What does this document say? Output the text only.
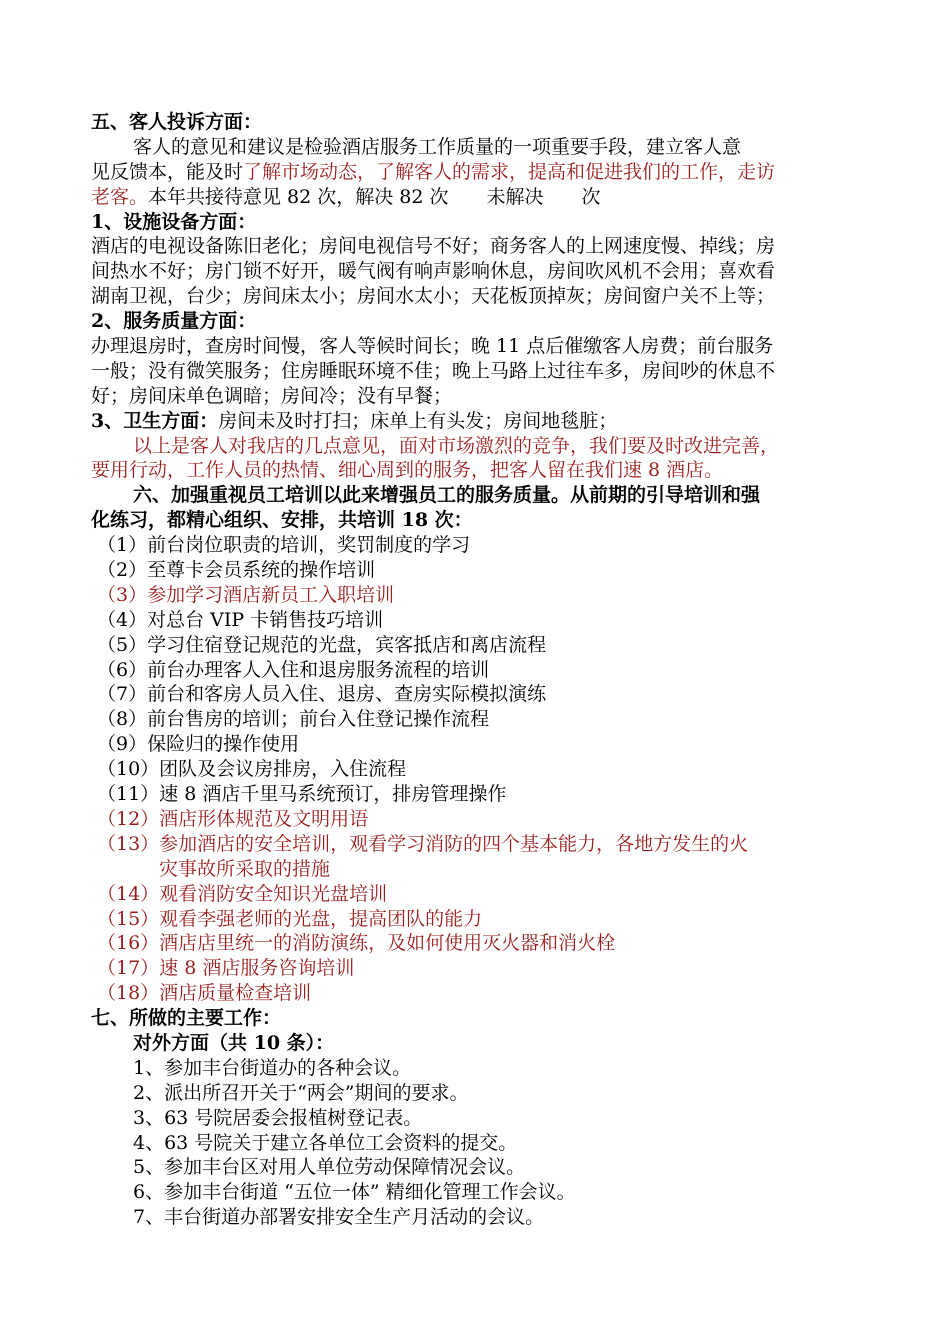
五、客人投诉方面：
客人的意见和建议是检验酒店服务工作质量的一项重要手段，建立客人意
见反馈本，能及时了解市场动态，了解客人的需求，提高和促进我们的工作，走访
老客。本年共接待意见 82 次，解决 82 次　　未解决　　次
1、设施设备方面：
酒店的电视设备陈旧老化；房间电视信号不好；商务客人的上网速度慢、掉线；房
间热水不好；房门锁不好开，暖气阀有响声影响休息，房间吹风机不会用；喜欢看
湖南卫视，台少；房间床太小；房间水太小；天花板顶掉灰；房间窗户关不上等；
2、服务质量方面：
办理退房时，查房时间慢，客人等候时间长；晚 11 点后催缴客人房费；前台服务
一般；没有微笑服务；住房睡眠环境不佳；晚上马路上过往车多，房间吵的休息不
好；房间床单色调暗；房间冷；没有早餐；
3、卫生方面：房间未及时打扫；床单上有头发；房间地毯脏；
以上是客人对我店的几点意见，面对市场激烈的竞争，我们要及时改进完善，
要用行动，工作人员的热情、细心周到的服务，把客人留在我们速 8 酒店。
六、加强重视员工培训以此来增强员工的服务质量。从前期的引导培训和强
化练习，都精心组织、安排，共培训 18 次：
（1）前台岗位职责的培训，奖罚制度的学习
（2）至尊卡会员系统的操作培训
（3）参加学习酒店新员工入职培训
（4）对总台 VIP 卡销售技巧培训
（5）学习住宿登记规范的光盘，宾客抵店和离店流程
（6）前台办理客人入住和退房服务流程的培训
（7）前台和客房人员入住、退房、查房实际模拟演练
（8）前台售房的培训；前台入住登记操作流程
（9）保险归的操作使用
（10）团队及会议房排房，入住流程
（11）速 8 酒店千里马系统预订，排房管理操作
（12）酒店形体规范及文明用语
（13）参加酒店的安全培训，观看学习消防的四个基本能力，各地方发生的火
灾事故所采取的措施
（14）观看消防安全知识光盘培训
（15）观看李强老师的光盘，提高团队的能力
（16）酒店店里统一的消防演练，及如何使用灭火器和消火栓
（17）速 8 酒店服务咨询培训
（18）酒店质量检查培训
七、所做的主要工作：
对外方面（共 10 条）：
1、参加丰台街道办的各种会议。
2、派出所召开关于“两会”期间的要求。
3、63 号院居委会报植树登记表。
4、63 号院关于建立各单位工会资料的提交。
5、参加丰台区对用人单位劳动保障情况会议。
6、参加丰台街道 “五位一体” 精细化管理工作会议。
7、丰台街道办部署安排安全生产月活动的会议。
